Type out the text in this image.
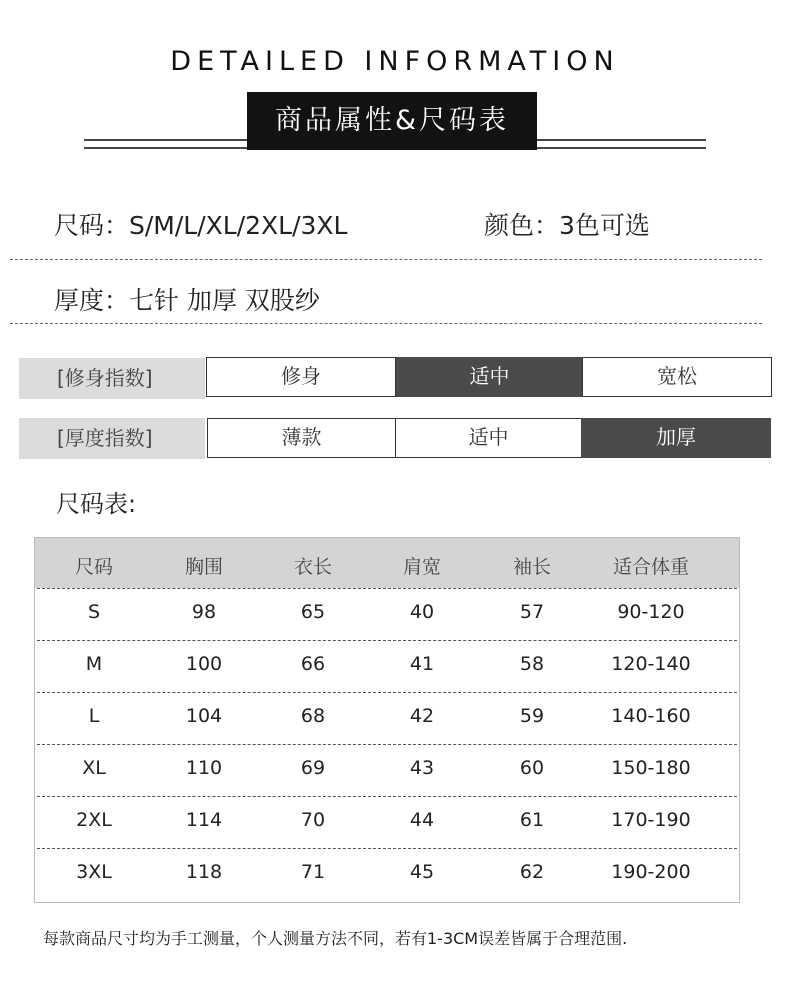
DETAILED INFORMATION
商品属性&尺码表
尺码：S/M/L/XL/2XL/3XL	颜色：3色可选
厚度：七针 加厚 双股纱
[修身指数]	修身	适中	宽松
[厚度指数]	薄款	适中	加厚
尺码表:
尺码	胸围	衣长	肩宽	袖长	适合体重
S	98	65	40	57	90-120
M	100	66	41	58	120-140
L	104	68	42	59	140-160
XL	110	69	43	60	150-180
2XL	114	70	44	61	170-190
3XL	118	71	45	62	190-200
每款商品尺寸均为手工测量，个人测量方法不同，若有1-3CM误差皆属于合理范围.
